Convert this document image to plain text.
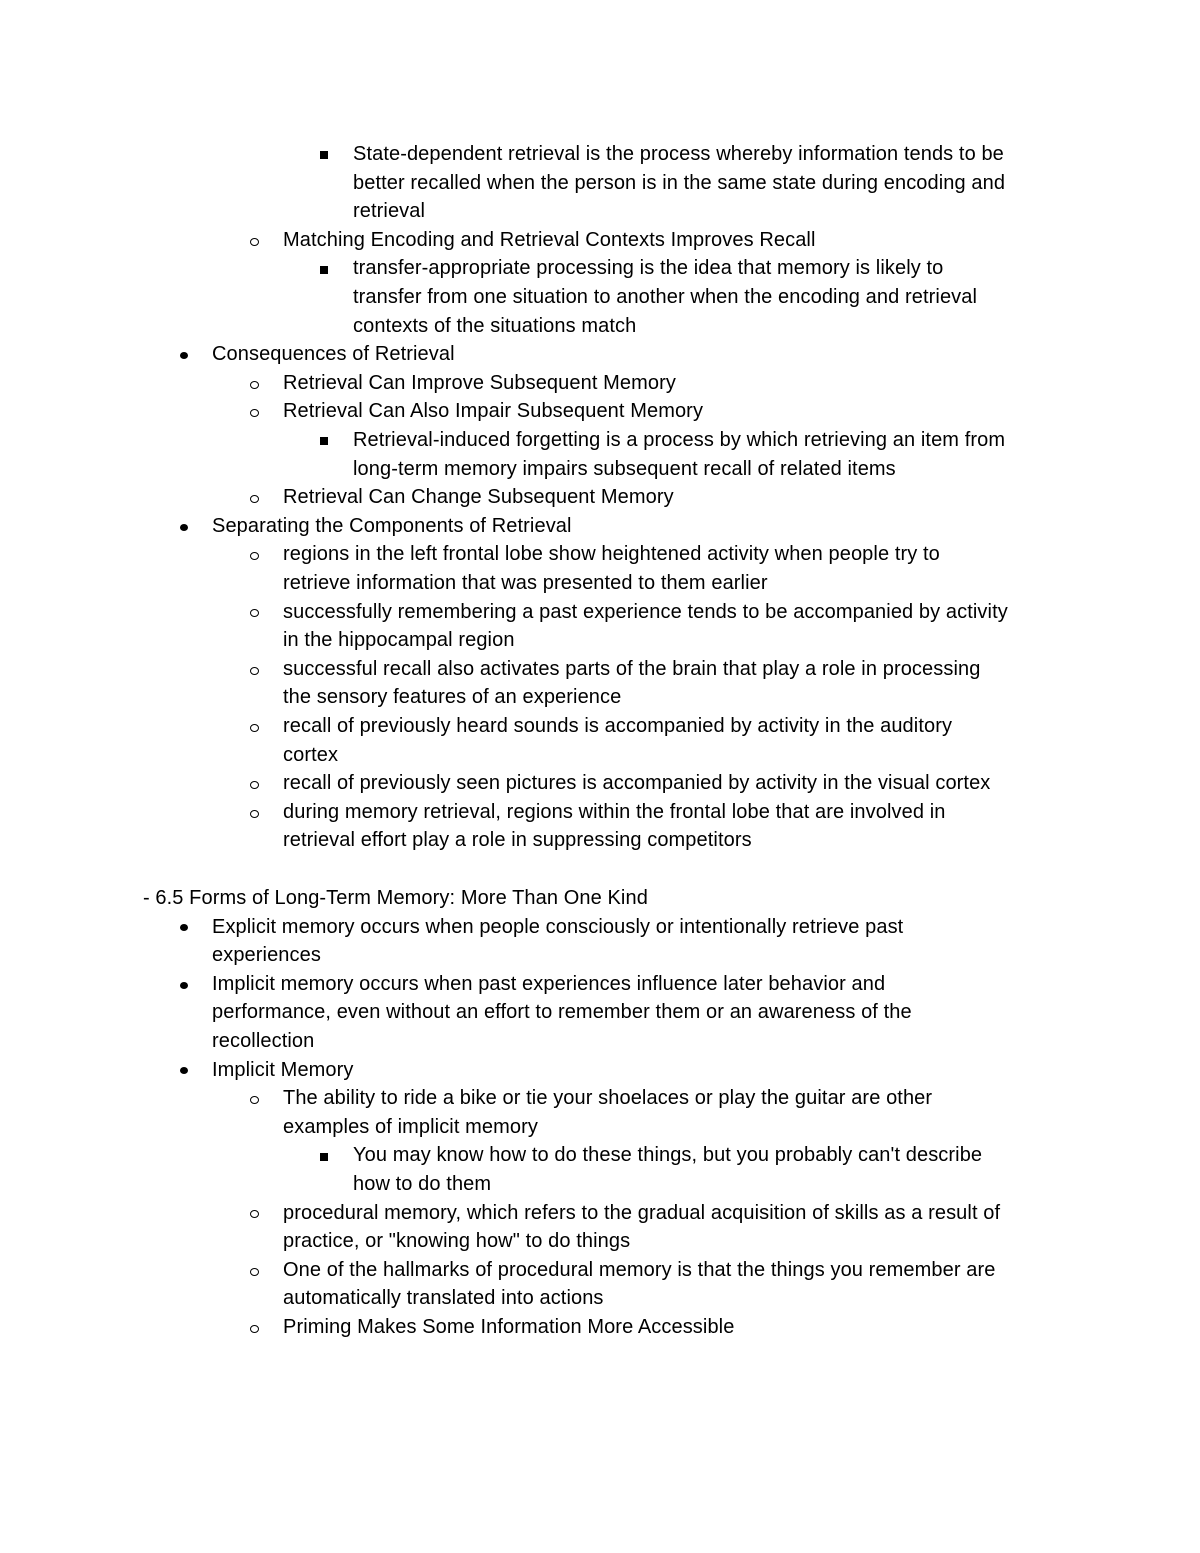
State-dependent retrieval is the process whereby information tends to be
better recalled when the person is in the same state during encoding and
retrieval
Matching Encoding and Retrieval Contexts Improves Recall
transfer-appropriate processing is the idea that memory is likely to
transfer from one situation to another when the encoding and retrieval
contexts of the situations match
Consequences of Retrieval
Retrieval Can Improve Subsequent Memory
Retrieval Can Also Impair Subsequent Memory
Retrieval-induced forgetting is a process by which retrieving an item from
long-term memory impairs subsequent recall of related items
Retrieval Can Change Subsequent Memory
Separating the Components of Retrieval
regions in the left frontal lobe show heightened activity when people try to
retrieve information that was presented to them earlier
successfully remembering a past experience tends to be accompanied by activity
in the hippocampal region
successful recall also activates parts of the brain that play a role in processing
the sensory features of an experience
recall of previously heard sounds is accompanied by activity in the auditory
cortex
recall of previously seen pictures is accompanied by activity in the visual cortex
during memory retrieval, regions within the frontal lobe that are involved in
retrieval effort play a role in suppressing competitors
- 6.5 Forms of Long-Term Memory: More Than One Kind
Explicit memory occurs when people consciously or intentionally retrieve past
experiences
Implicit memory occurs when past experiences influence later behavior and
performance, even without an effort to remember them or an awareness of the
recollection
Implicit Memory
The ability to ride a bike or tie your shoelaces or play the guitar are other
examples of implicit memory
You may know how to do these things, but you probably can't describe
how to do them
procedural memory, which refers to the gradual acquisition of skills as a result of
practice, or "knowing how" to do things
One of the hallmarks of procedural memory is that the things you remember are
automatically translated into actions
Priming Makes Some Information More Accessible
